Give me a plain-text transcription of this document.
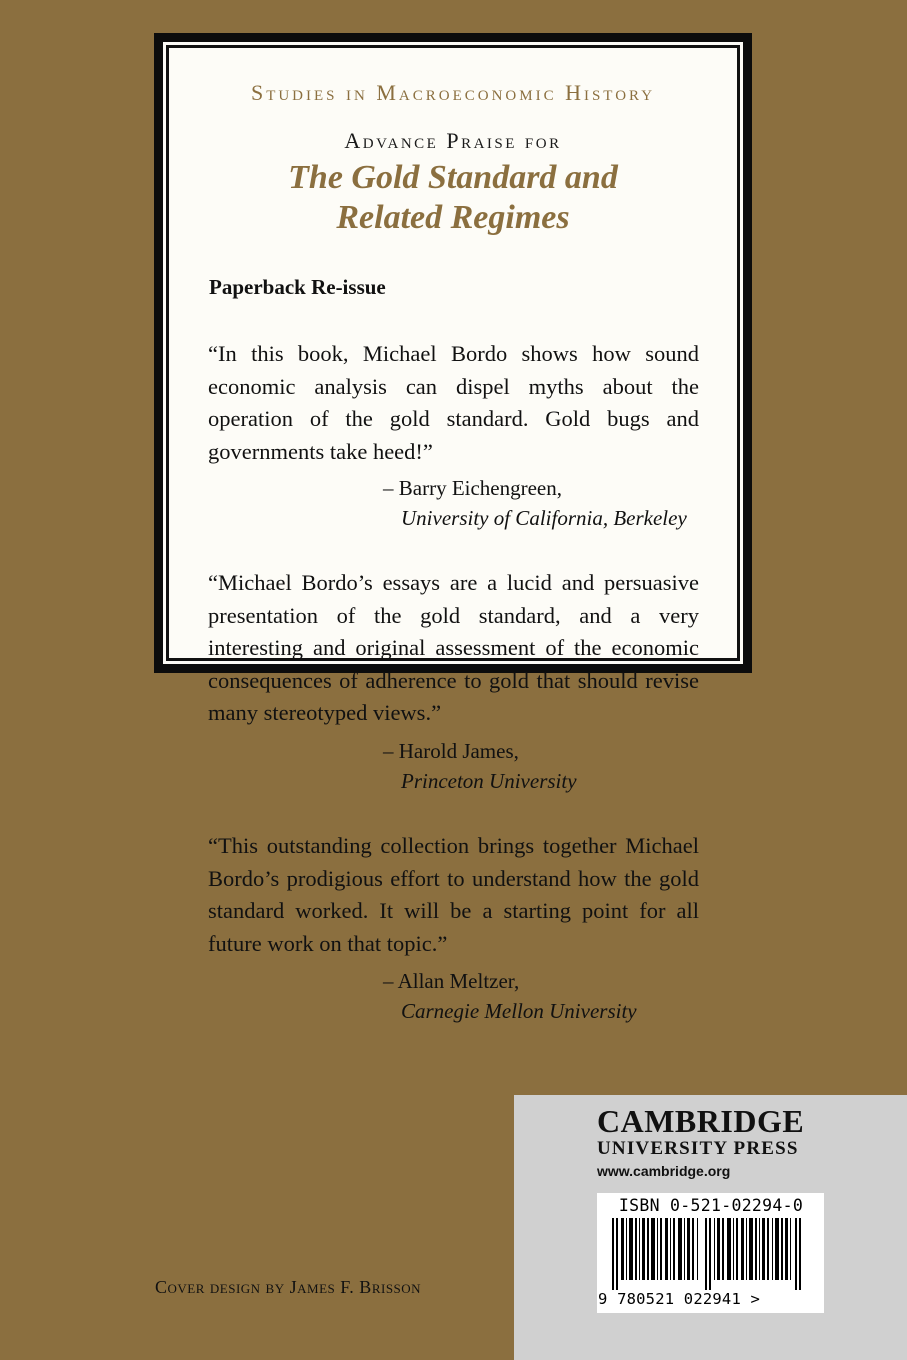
Studies in Macroeconomic History
Advance Praise for
The Gold Standard and
Related Regimes
Paperback Re-issue
“In this book, Michael Bordo shows how sound economic analysis can dispel myths about the operation of the gold standard. Gold bugs and governments take heed!”
– Barry Eichengreen,
University of California, Berkeley
“Michael Bordo’s essays are a lucid and persuasive presentation of the gold standard, and a very interesting and original assessment of the economic consequences of adherence to gold that should revise many stereotyped views.”
– Harold James,
Princeton University
“This outstanding collection brings together Michael Bordo’s prodigious effort to understand how the gold standard worked. It will be a starting point for all future work on that topic.”
– Allan Meltzer,
Carnegie Mellon University
Cover design by James F. Brisson
CAMBRIDGE
UNIVERSITY PRESS
www.cambridge.org
ISBN 0-521-02294-0
9 780521 022941 >
